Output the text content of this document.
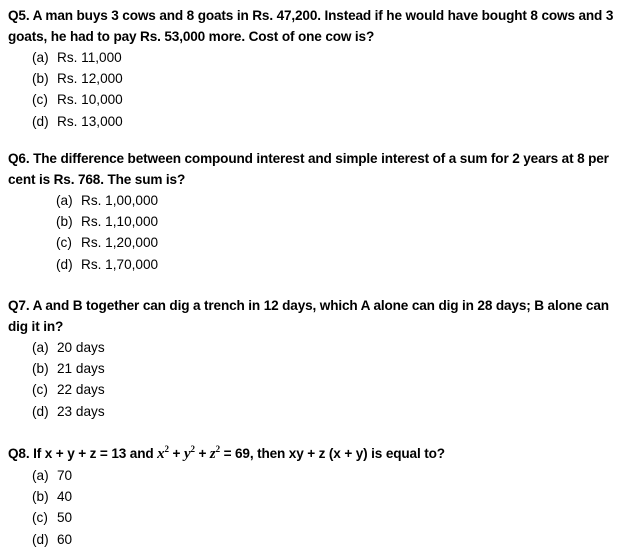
Q5. A man buys 3 cows and 8 goats in Rs. 47,200. Instead if he would have bought 8 cows and 3 goats, he had to pay Rs. 53,000 more. Cost of one cow is?

(a) Rs. 11,000
(b) Rs. 12,000
(c) Rs. 10,000
(d) Rs. 13,000

Q6. The difference between compound interest and simple interest of a sum for 2 years at 8 per cent is Rs. 768. The sum is?

(a) Rs. 1,00,000
(b) Rs. 1,10,000
(c) Rs. 1,20,000
(d) Rs. 1,70,000

Q7. A and B together can dig a trench in 12 days, which A alone can dig in 28 days; B alone can dig it in?

(a) 20 days
(b) 21 days
(c) 22 days
(d) 23 days

Q8. If x + y + z = 13 and $x^2 + y^2 + z^2 = 69$, then xy + z (x + y) is equal to?

(a) 70
(b) 40
(c) 50
(d) 60
